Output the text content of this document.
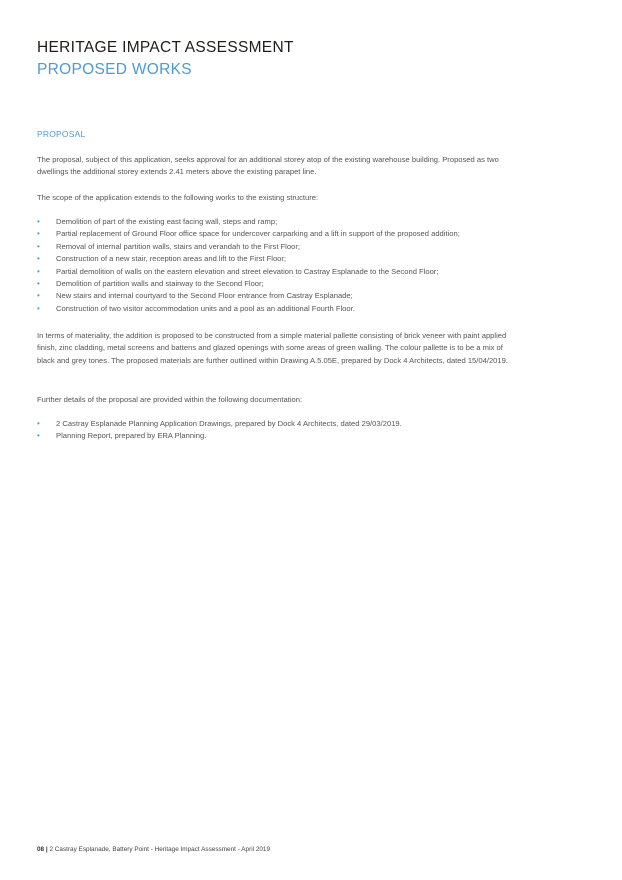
HERITAGE IMPACT ASSESSMENT
PROPOSED WORKS
PROPOSAL

The proposal, subject of this application, seeks approval for an additional storey atop of the existing warehouse building. Proposed as two dwellings the additional storey extends 2.41 meters above the existing parapet line.

The scope of the application extends to the following works to the existing structure:

• Demolition of part of the existing east facing wall, steps and ramp;
• Partial replacement of Ground Floor office space for undercover carparking and a lift in support of the proposed addition;
• Removal of internal partition walls, stairs and verandah to the First Floor;
• Construction of a new stair, reception areas and lift to the First Floor;
• Partial demolition of walls on the eastern elevation and street elevation to Castray Esplanade to the Second Floor;
• Demolition of partition walls and stairway to the Second Floor;
• New stairs and internal courtyard to the Second Floor entrance from Castray Esplanade;
• Construction of two visitor accommodation units and a pool as an additional Fourth Floor.

In terms of materiality, the addition is proposed to be constructed from a simple material pallette consisting of brick veneer with paint applied finish, zinc cladding, metal screens and battens and glazed openings with some areas of green walling. The colour pallette is to be a mix of black and grey tones. The proposed materials are further outlined within Drawing A.5.05E, prepared by Dock 4 Architects, dated 15/04/2019.

Further details of the proposal are provided within the following documentation:

• 2 Castray Esplanade Planning Application Drawings, prepared by Dock 4 Architects, dated 29/03/2019.
• Planning Report, prepared by ERA Planning.
08 | 2 Castray Esplanade, Battery Point - Heritage Impact Assessment - April 2019
